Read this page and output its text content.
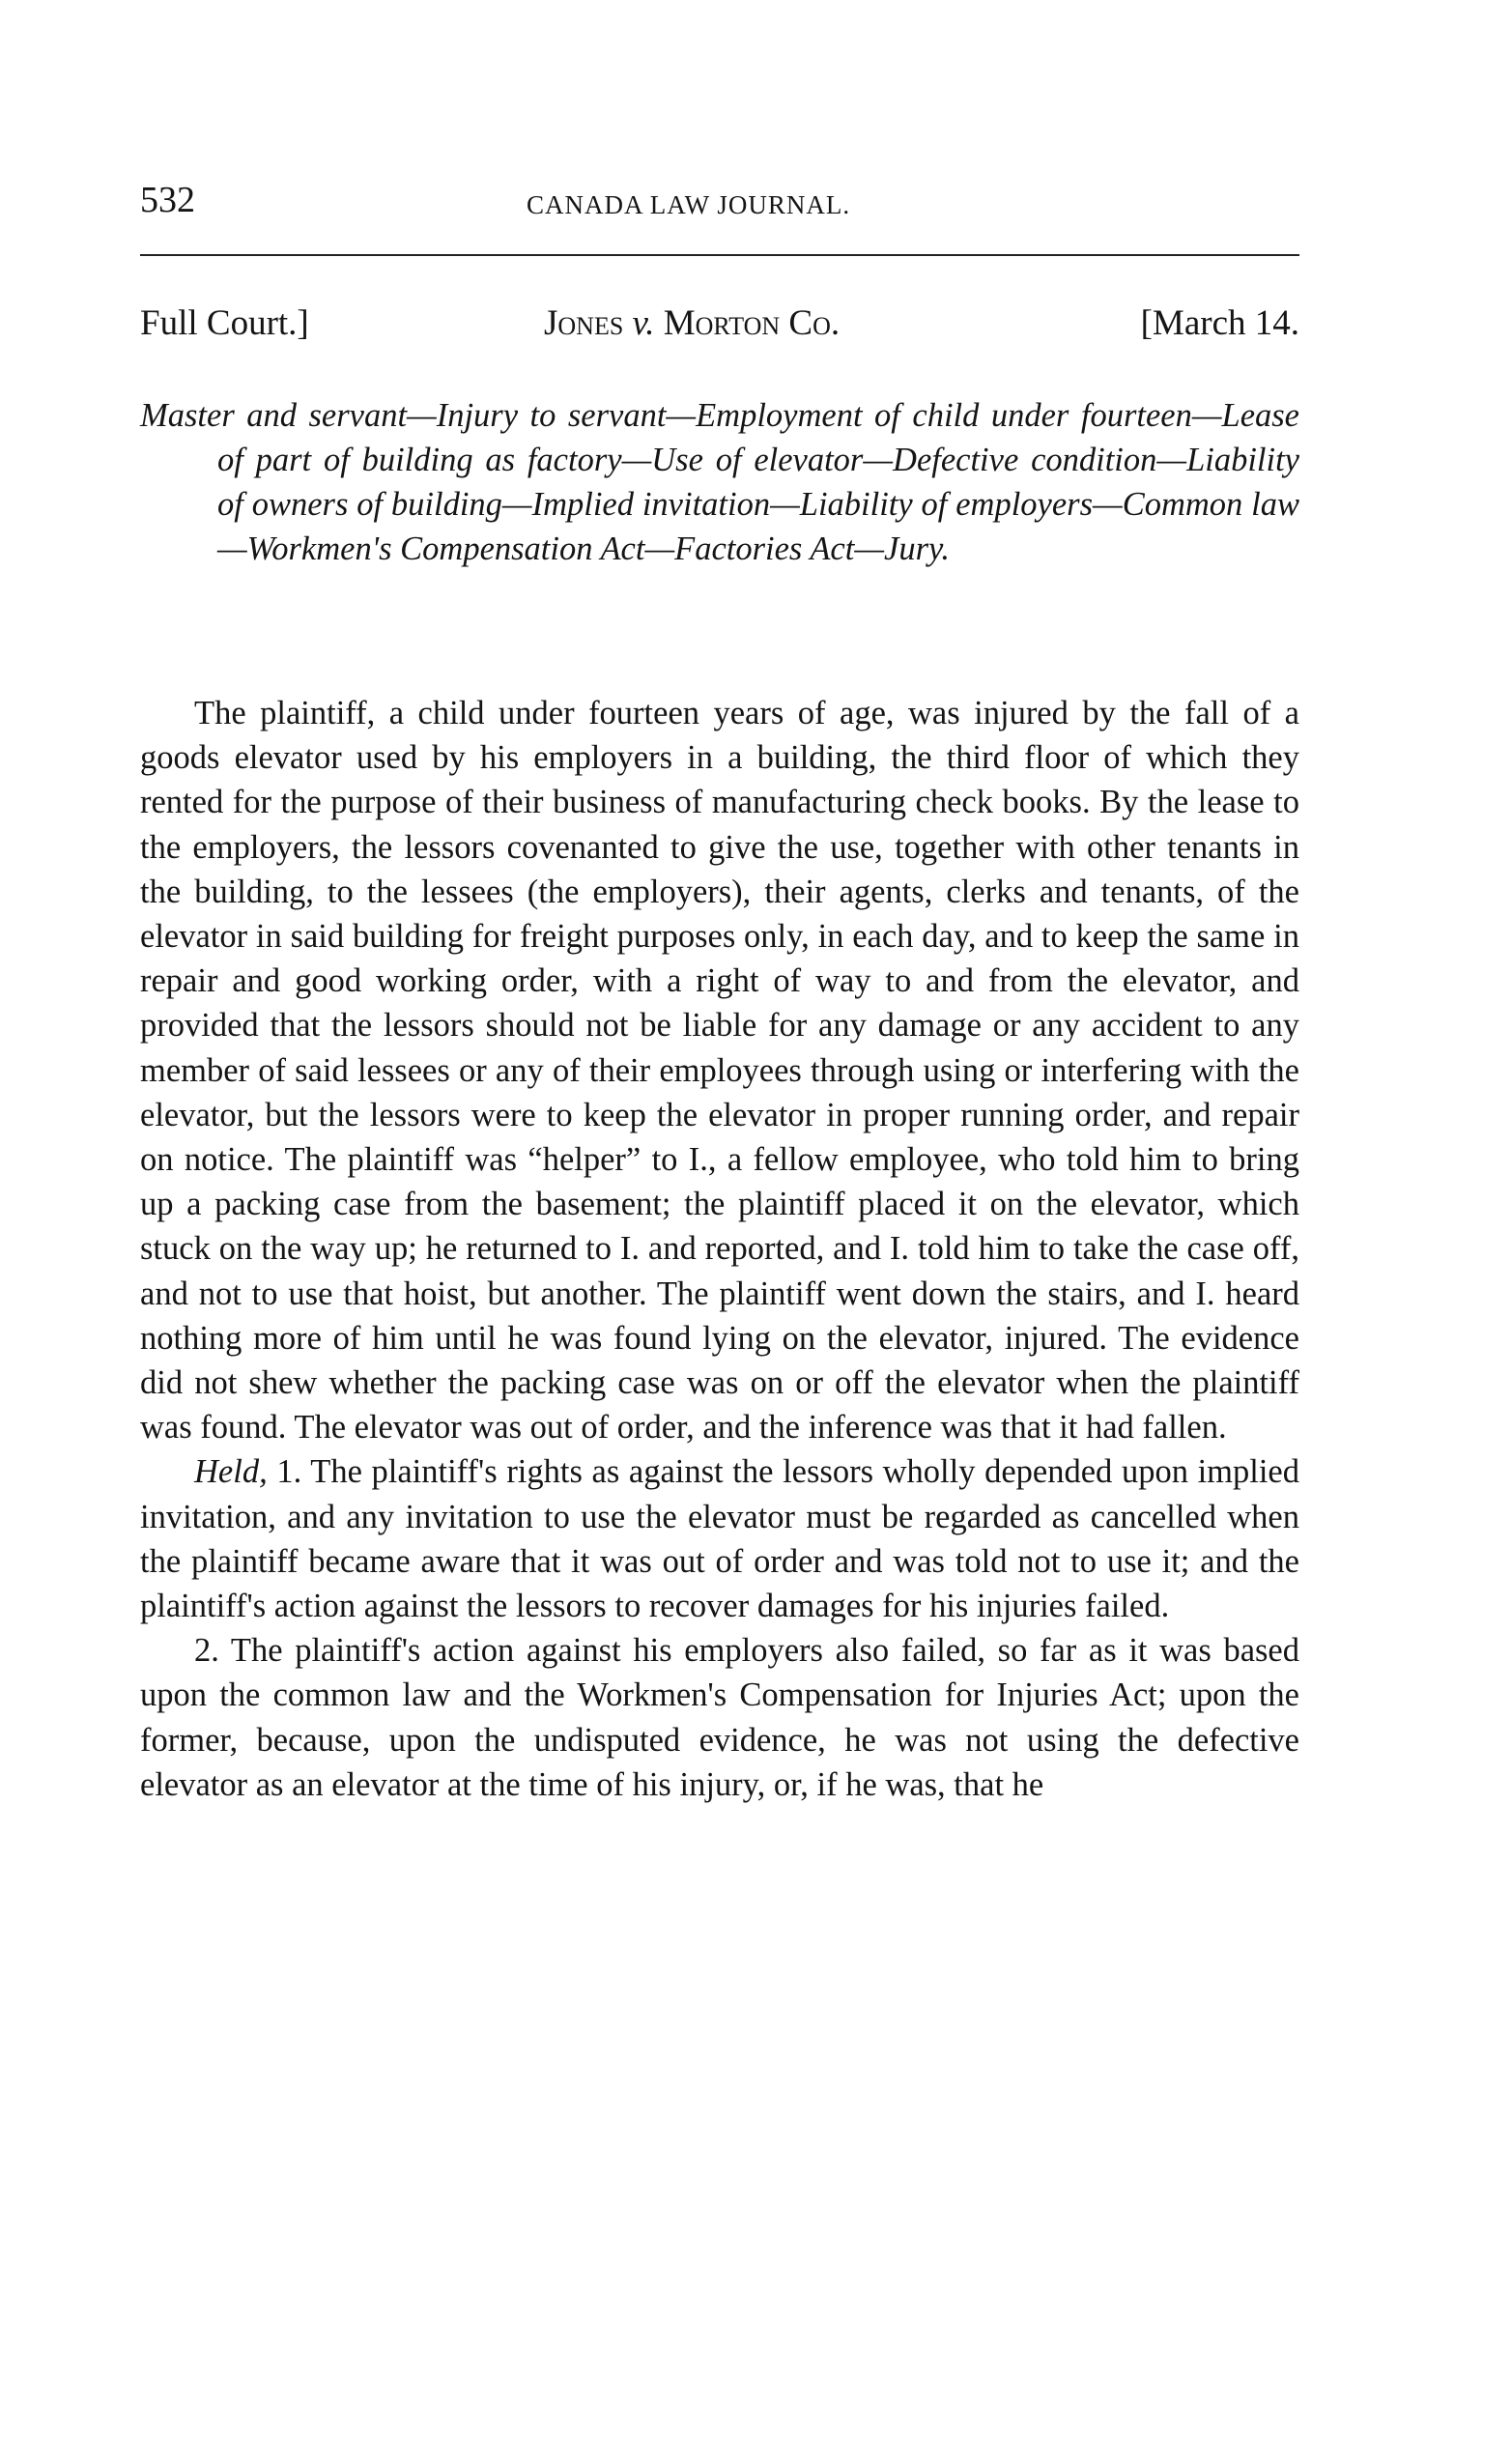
532	CANADA LAW JOURNAL.
Full Court.]	Jones v. Morton Co.	[March 14.
Master and servant—Injury to servant—Employment of child under fourteen—Lease of part of building as factory—Use of elevator—Defective condition—Liability of owners of building—Implied invitation—Liability of employers—Common law—Workmen's Compensation Act—Factories Act—Jury.

The plaintiff, a child under fourteen years of age, was injured by the fall of a goods elevator used by his employers in a building, the third floor of which they rented for the purpose of their business of manufacturing check books. By the lease to the employers, the lessors covenanted to give the use, together with other tenants in the building, to the lessees (the employers), their agents, clerks and tenants, of the elevator in said building for freight purposes only, in each day, and to keep the same in repair and good working order, with a right of way to and from the elevator, and provided that the lessors should not be liable for any damage or any accident to any member of said lessees or any of their employees through using or interfering with the elevator, but the lessors were to keep the elevator in proper running order, and repair on notice. The plaintiff was “helper” to I., a fellow employee, who told him to bring up a packing case from the basement; the plaintiff placed it on the elevator, which stuck on the way up; he returned to I. and reported, and I. told him to take the case off, and not to use that hoist, but another. The plaintiff went down the stairs, and I. heard nothing more of him until he was found lying on the elevator, injured. The evidence did not shew whether the packing case was on or off the elevator when the plaintiff was found. The elevator was out of order, and the inference was that it had fallen.

Held, 1. The plaintiff's rights as against the lessors wholly depended upon implied invitation, and any invitation to use the elevator must be regarded as cancelled when the plaintiff became aware that it was out of order and was told not to use it; and the plaintiff's action against the lessors to recover damages for his injuries failed.

2. The plaintiff's action against his employers also failed, so far as it was based upon the common law and the Workmen's Compensation for Injuries Act; upon the former, because, upon the undisputed evidence, he was not using the defective elevator as an elevator at the time of his injury, or, if he was, that he
